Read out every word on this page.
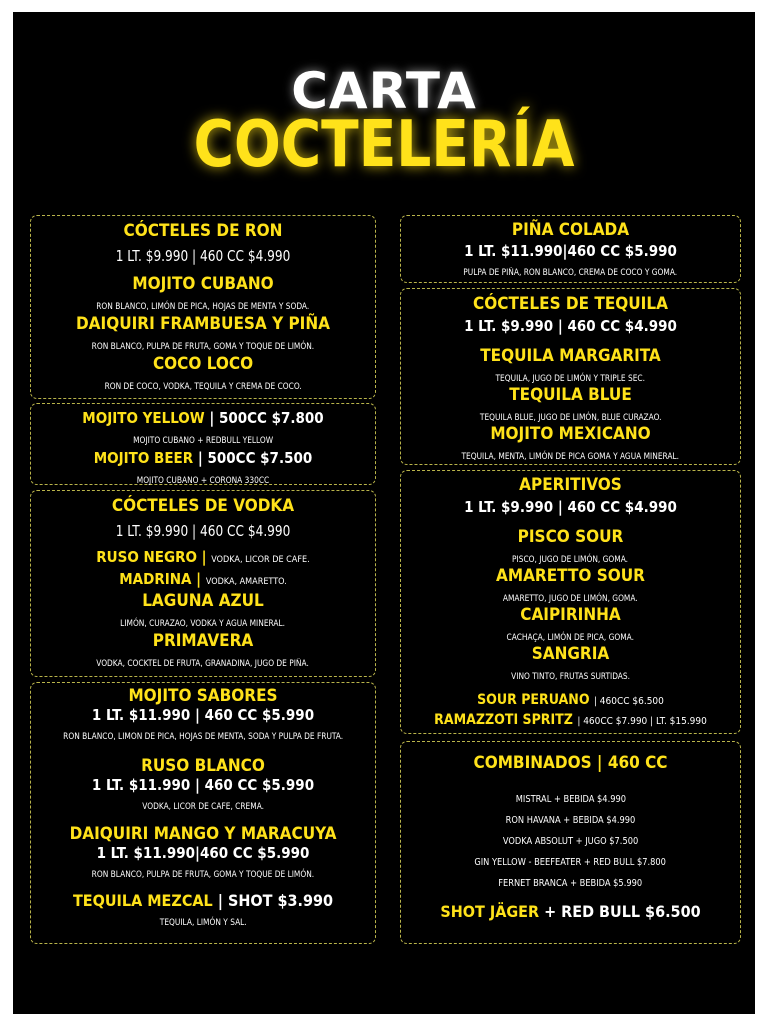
CARTA
COCTELERÍA
CÓCTELES DE RON
1 LT. $9.990 | 460 CC $4.990
MOJITO CUBANO
RON BLANCO, LIMÓN DE PICA, HOJAS DE MENTA Y SODA.
DAIQUIRI FRAMBUESA Y PIÑA
RON BLANCO, PULPA DE FRUTA, GOMA Y TOQUE DE LIMÓN.
COCO LOCO
RON DE COCO, VODKA, TEQUILA Y CREMA DE COCO.
MOJITO YELLOW | 500CC $7.800
MOJITO CUBANO + REDBULL YELLOW
MOJITO BEER | 500CC $7.500
MOJITO CUBANO + CORONA 330CC
CÓCTELES DE VODKA
1 LT. $9.990 | 460 CC $4.990
RUSO NEGRO | VODKA, LICOR DE CAFE.
MADRINA | VODKA, AMARETTO.
LAGUNA AZUL
LIMÓN, CURAZAO, VODKA Y AGUA MINERAL.
PRIMAVERA
VODKA, COCKTEL DE FRUTA, GRANADINA, JUGO DE PIÑA.
MOJITO SABORES
1 LT. $11.990 | 460 CC $5.990
RON BLANCO, LIMON DE PICA, HOJAS DE MENTA, SODA Y PULPA DE FRUTA.
RUSO BLANCO
1 LT. $11.990 | 460 CC $5.990
VODKA, LICOR DE CAFE, CREMA.
DAIQUIRI MANGO Y MARACUYA
1 LT. $11.990|460 CC $5.990
RON BLANCO, PULPA DE FRUTA, GOMA Y TOQUE DE LIMÓN.
TEQUILA MEZCAL | SHOT $3.990
TEQUILA, LIMÓN Y SAL.
PIÑA COLADA
1 LT. $11.990|460 CC $5.990
PULPA DE PIÑA, RON BLANCO, CREMA DE COCO Y GOMA.
CÓCTELES DE TEQUILA
1 LT. $9.990 | 460 CC $4.990
TEQUILA MARGARITA
TEQUILA, JUGO DE LIMÓN Y TRIPLE SEC.
TEQUILA BLUE
TEQUILA BLUE, JUGO DE LIMÓN, BLUE CURAZAO.
MOJITO MEXICANO
TEQUILA, MENTA, LIMÓN DE PICA GOMA Y AGUA MINERAL.
APERITIVOS
1 LT. $9.990 | 460 CC $4.990
PISCO SOUR
PISCO, JUGO DE LIMÓN, GOMA.
AMARETTO SOUR
AMARETTO, JUGO DE LIMÓN, GOMA.
CAIPIRINHA
CACHAÇA, LIMÓN DE PICA, GOMA.
SANGRIA
VINO TINTO, FRUTAS SURTIDAS.
SOUR PERUANO | 460CC $6.500
RAMAZZOTI SPRITZ | 460CC $7.990 | LT. $15.990
COMBINADOS | 460 CC
MISTRAL + BEBIDA $4.990
RON HAVANA + BEBIDA $4.990
VODKA ABSOLUT + JUGO $7.500
GIN YELLOW - BEEFEATER + RED BULL $7.800
FERNET BRANCA + BEBIDA $5.990
SHOT JÄGER + RED BULL $6.500
